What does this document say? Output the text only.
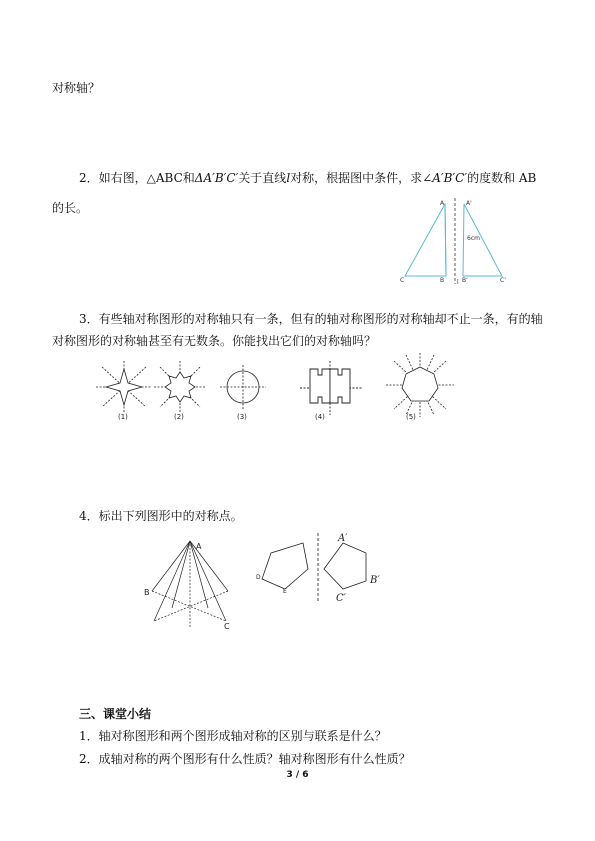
对称轴？
2．如右图，△ABC和ΔA′B′C′关于直线l对称，根据图中条件，求∠A′B′C′的度数和 AB
的长。	A	A'
6cm
C	B l B'	C'
3．有些轴对称图形的对称轴只有一条，但有的轴对称图形的对称轴却不止一条，有的轴
对称图形的对称轴甚至有无数条。你能找出它们的对称轴吗？
(1)	(2)	(3)	(4)	(5)
4．标出下列图形中的对称点。
A
B
C
D
E
A′
B′
C′
三、课堂小结
1．轴对称图形和两个图形成轴对称的区别与联系是什么？
2．成轴对称的两个图形有什么性质？轴对称图形有什么性质？
3 / 6
